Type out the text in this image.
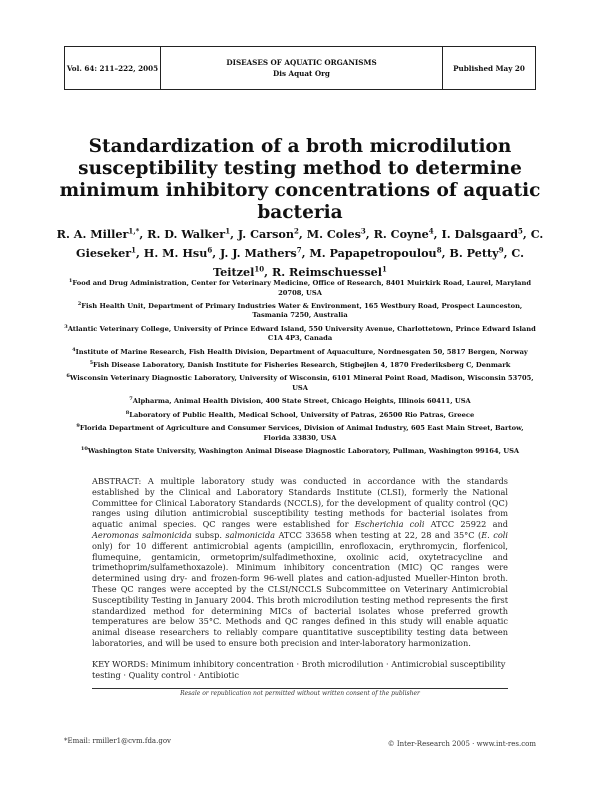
Vol. 64: 211–222, 2005
DISEASES OF AQUATIC ORGANISMS
Dis Aquat Org
Published May 20
Standardization of a broth microdilution susceptibility testing method to determine minimum inhibitory concentrations of aquatic bacteria
R. A. Miller$^{1,*}$, R. D. Walker$^1$, J. Carson$^2$, M. Coles$^3$, R. Coyne$^4$, I. Dalsgaard$^5$, C. Gieseker$^1$, H. M. Hsu$^6$, J. J. Mathers$^7$, M. Papapetropoulou$^8$, B. Petty$^9$, C. Teitzel$^{10}$, R. Reimschuessel$^1$
$^1$Food and Drug Administration, Center for Veterinary Medicine, Office of Research, 8401 Muirkirk Road, Laurel, Maryland 20708, USA
$^2$Fish Health Unit, Department of Primary Industries Water & Environment, 165 Westbury Road, Prospect Launceston, Tasmania 7250, Australia
$^3$Atlantic Veterinary College, University of Prince Edward Island, 550 University Avenue, Charlottetown, Prince Edward Island C1A 4P3, Canada
$^4$Institute of Marine Research, Fish Health Division, Department of Aquaculture, Nordnesgaten 50, 5817 Bergen, Norway
$^5$Fish Disease Laboratory, Danish Institute for Fisheries Research, Stigbøjlen 4, 1870 Frederiksberg C, Denmark
$^6$Wisconsin Veterinary Diagnostic Laboratory, University of Wisconsin, 6101 Mineral Point Road, Madison, Wisconsin 53705, USA
$^7$Alpharma, Animal Health Division, 400 State Street, Chicago Heights, Illinois 60411, USA
$^8$Laboratory of Public Health, Medical School, University of Patras, 26500 Rio Patras, Greece
$^9$Florida Department of Agriculture and Consumer Services, Division of Animal Industry, 605 East Main Street, Bartow, Florida 33830, USA
$^{10}$Washington State University, Washington Animal Disease Diagnostic Laboratory, Pullman, Washington 99164, USA

ABSTRACT: A multiple laboratory study was conducted in accordance with the standards established by the Clinical and Laboratory Standards Institute (CLSI), formerly the National Committee for Clinical Laboratory Standards (NCCLS), for the development of quality control (QC) ranges using dilution antimicrobial susceptibility testing methods for bacterial isolates from aquatic animal species. QC ranges were established for Escherichia coli ATCC 25922 and Aeromonas salmonicida subsp. salmonicida ATCC 33658 when testing at 22, 28 and 35°C (E. coli only) for 10 different antimicrobial agents (ampicillin, enrofloxacin, erythromycin, florfenicol, flumequine, gentamicin, ormetoprim/sulfadimethoxine, oxolinic acid, oxytetracycline and trimethoprim/sulfamethoxazole). Minimum inhibitory concentration (MIC) QC ranges were determined using dry- and frozen-form 96-well plates and cation-adjusted Mueller-Hinton broth. These QC ranges were accepted by the CLSI/NCCLS Subcommittee on Veterinary Antimicrobial Susceptibility Testing in January 2004. This broth microdilution testing method represents the first standardized method for determining MICs of bacterial isolates whose preferred growth temperatures are below 35°C. Methods and QC ranges defined in this study will enable aquatic animal disease researchers to reliably compare quantitative susceptibility testing data between laboratories, and will be used to ensure both precision and inter-laboratory harmonization.

KEY WORDS: Minimum inhibitory concentration · Broth microdilution · Antimicrobial susceptibility testing · Quality control · Antibiotic
Resale or republication not permitted without written consent of the publisher
*Email: rmiller1@cvm.fda.gov	© Inter-Research 2005 · www.int-res.com
